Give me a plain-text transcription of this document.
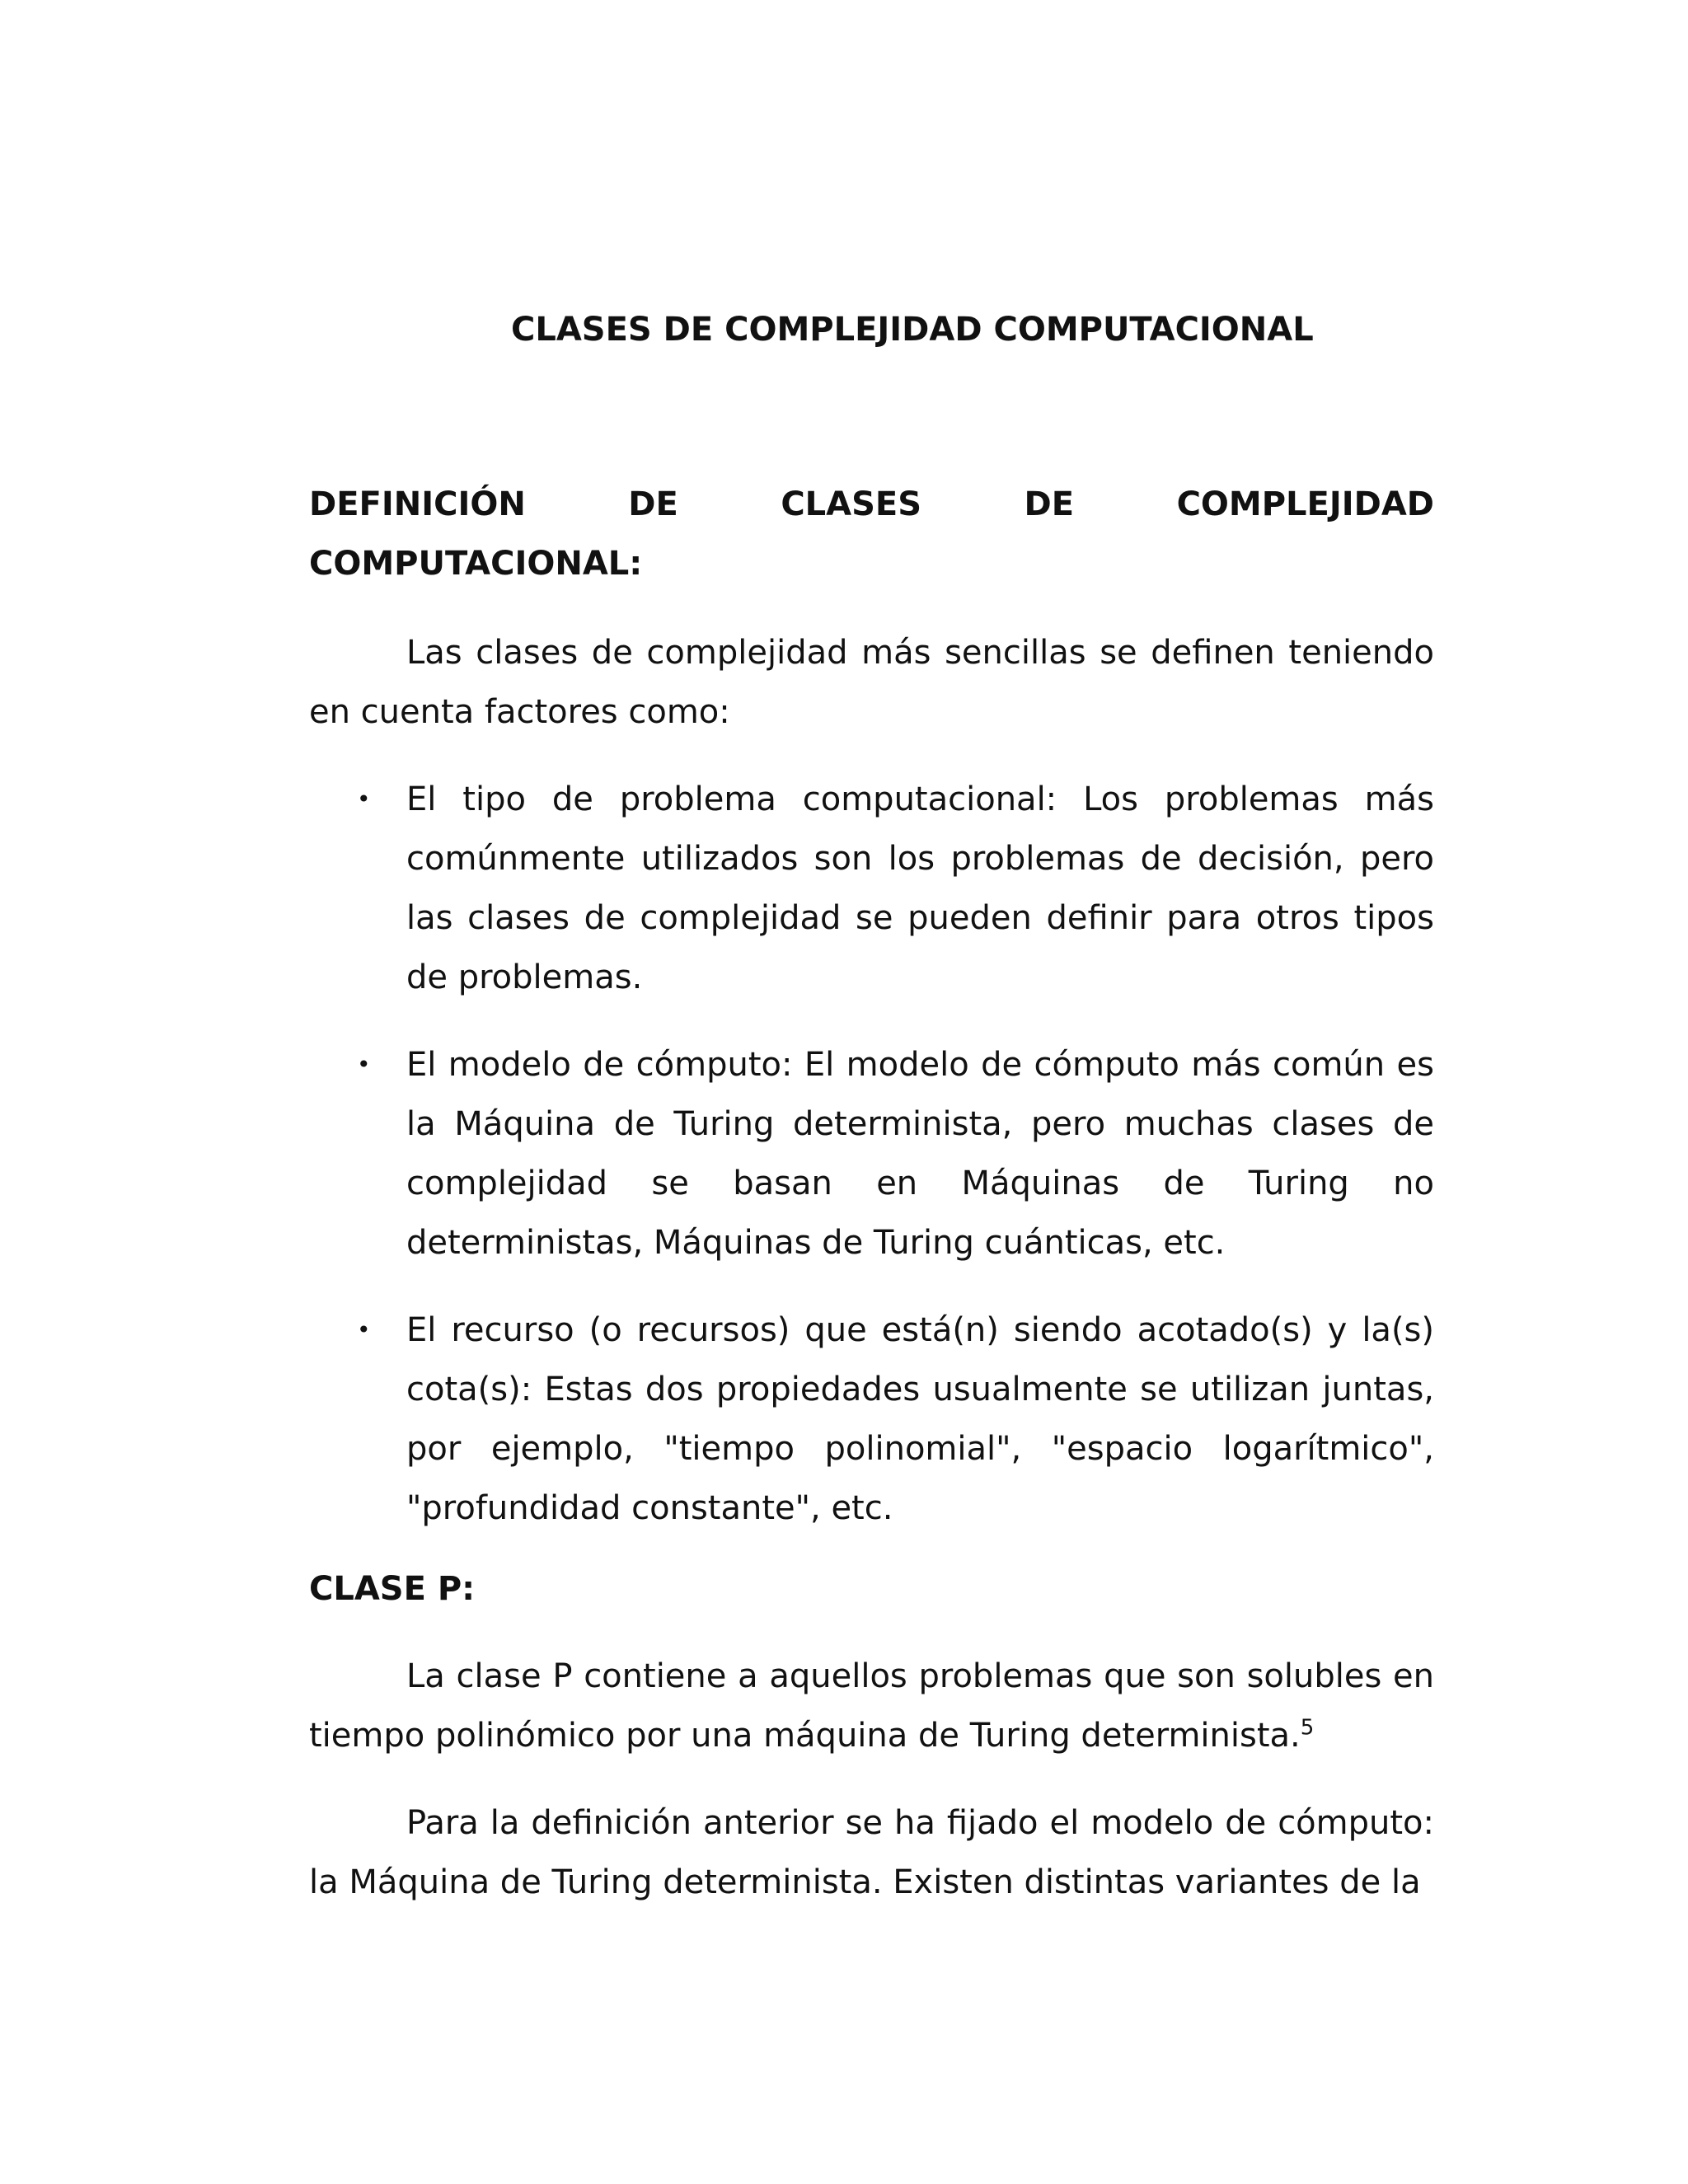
CLASES DE COMPLEJIDAD COMPUTACIONAL
DEFINICIÓN	DE	CLASES	DE	COMPLEJIDAD

COMPUTACIONAL:

Las clases de complejidad más sencillas se definen teniendo en cuenta factores como:

• El tipo de problema computacional: Los problemas más comúnmente utilizados son los problemas de decisión, pero las clases de complejidad se pueden definir para otros tipos de problemas.
• El modelo de cómputo: El modelo de cómputo más común es la Máquina de Turing determinista, pero muchas clases de complejidad se basan en Máquinas de Turing no deterministas, Máquinas de Turing cuánticas, etc.
• El recurso (o recursos) que está(n) siendo acotado(s) y la(s) cota(s): Estas dos propiedades usualmente se utilizan juntas, por ejemplo, "tiempo polinomial", "espacio logarítmico", "profundidad constante", etc.

CLASE P:

La clase P contiene a aquellos problemas que son solubles en tiempo polinómico por una máquina de Turing determinista.$^5$

Para la definición anterior se ha fijado el modelo de cómputo: la Máquina de Turing determinista. Existen distintas variantes de la
